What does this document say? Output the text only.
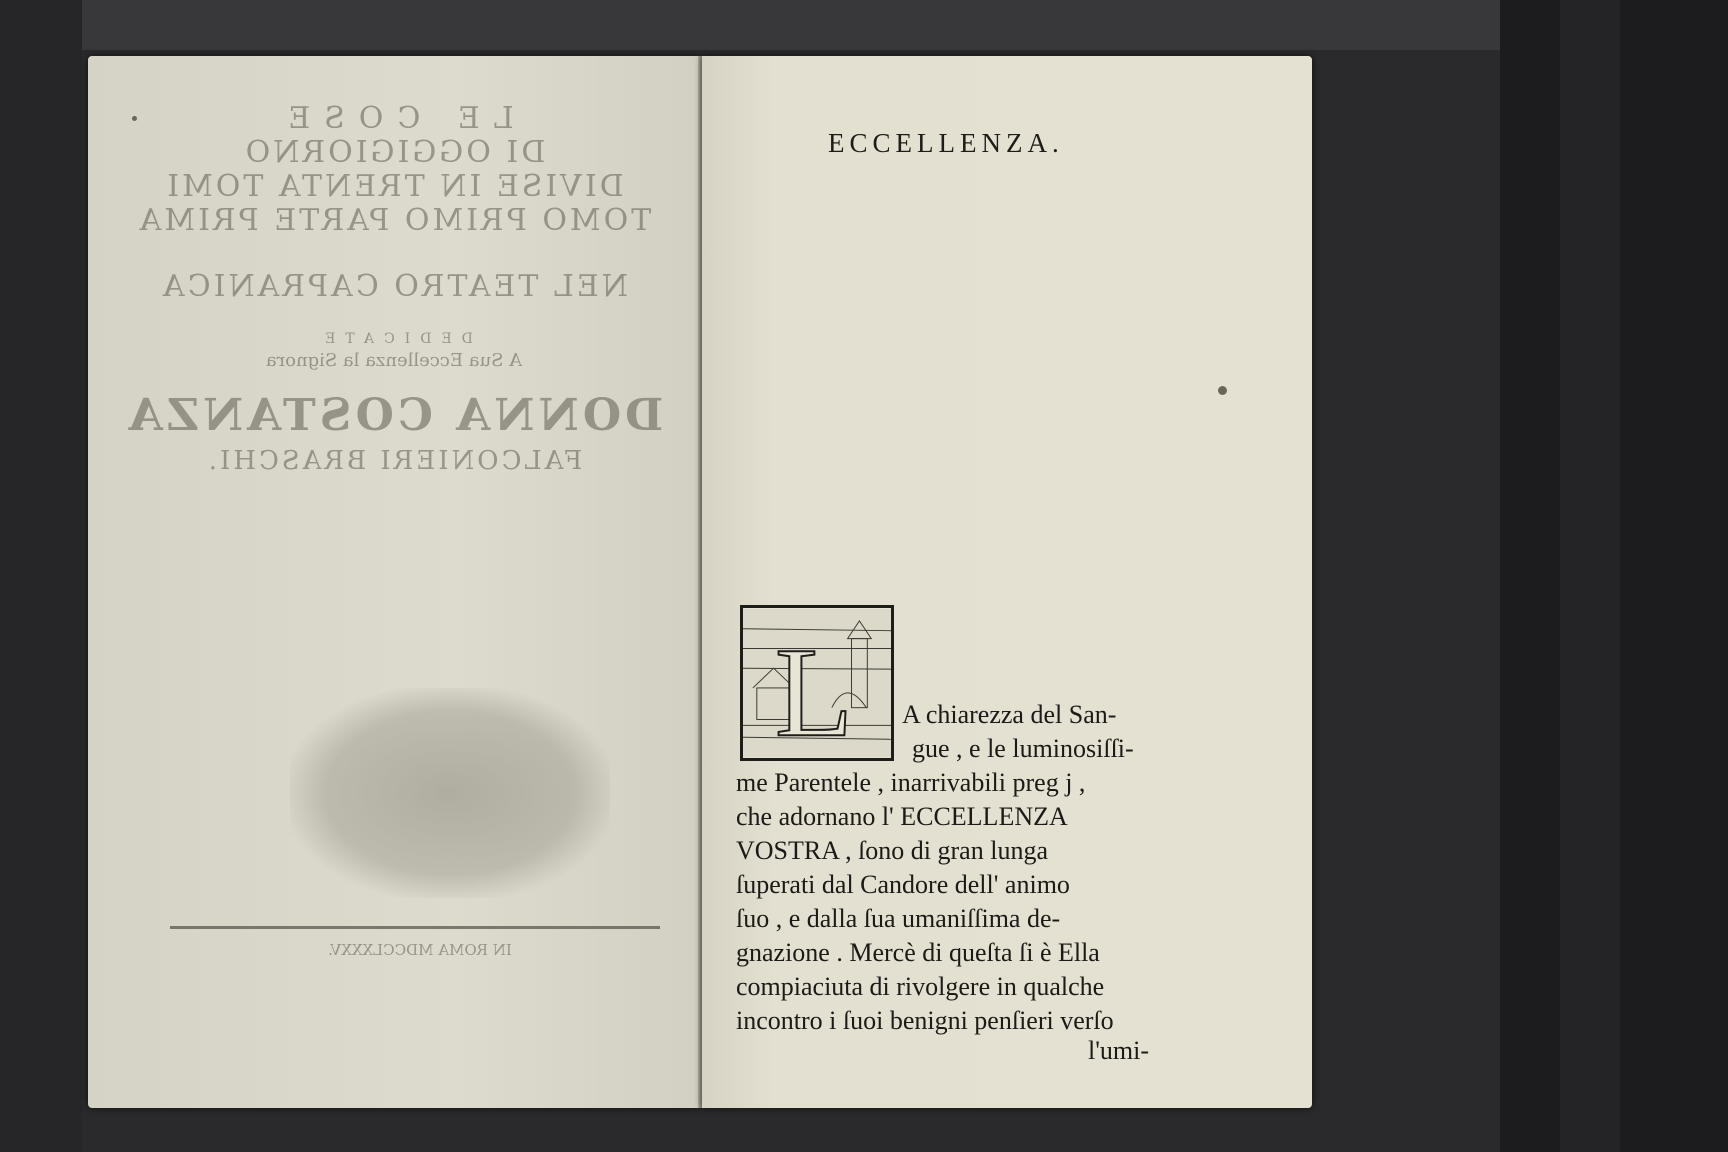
LE COSE

DI OGGIGIORNO

DIVISE IN TRENTA TOMI

TOMO PRIMO PARTE PRIMA

NEL TEATRO CAPRANICA

DEDICATE

A Sua Eccellenza la Signora

DONNA COSTANZA

FALCONIERI BRASCHI.

IN ROMA MDCCLXXXV.
ECCELLENZA.
L A chiarezza del San-
gue , e le luminosiſſi-
me Parentele , inarrivabili preg j ,
che adornano l' ECCELLENZA
VOSTRA , ſono di gran lunga
ſuperati dal Candore dell' animo
ſuo , e dalla ſua umaniſſima de-
gnazione . Mercè di queſta ſi è Ella
compiaciuta di rivolgere in qualche
incontro i ſuoi benigni penſieri verſo
l'umi-
